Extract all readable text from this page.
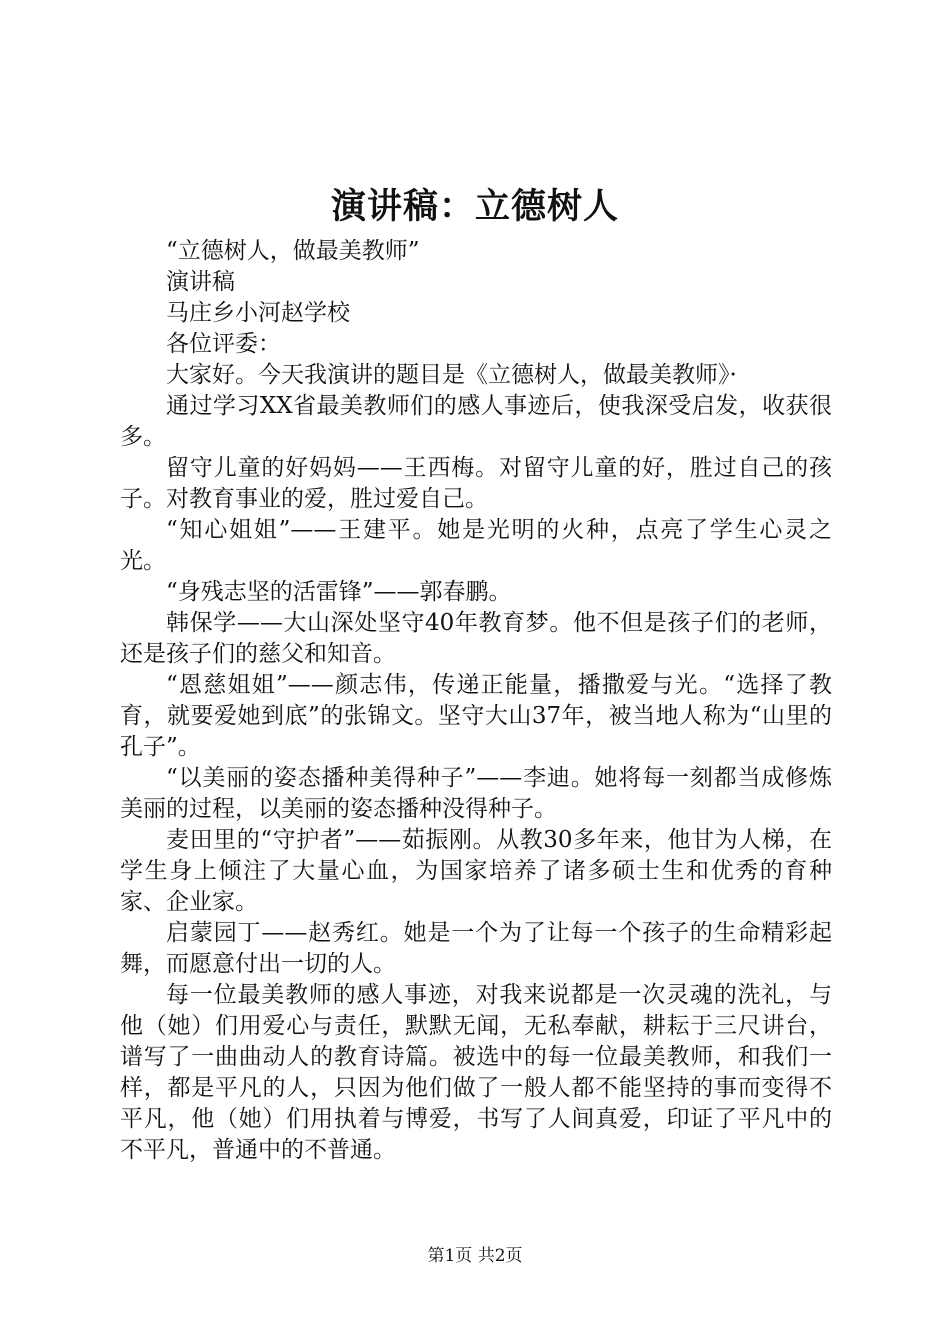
演讲稿：立德树人

“立德树人，做最美教师”

演讲稿

马庄乡小河赵学校

各位评委：

大家好。今天我演讲的题目是《立德树人，做最美教师》·

通过学习XX省最美教师们的感人事迹后，使我深受启发，收获很多。

留守儿童的好妈妈——王西梅。对留守儿童的好，胜过自己的孩子。对教育事业的爱，胜过爱自己。

“知心姐姐”——王建平。她是光明的火种，点亮了学生心灵之光。

“身残志坚的活雷锋”——郭春鹏。

韩保学——大山深处坚守40年教育梦。他不但是孩子们的老师，还是孩子们的慈父和知音。

“恩慈姐姐”——颜志伟，传递正能量，播撒爱与光。“选择了教育，就要爱她到底”的张锦文。坚守大山37年，被当地人称为“山里的孔子”。

“以美丽的姿态播种美得种子”——李迪。她将每一刻都当成修炼美丽的过程，以美丽的姿态播种没得种子。

麦田里的“守护者”——茹振刚。从教30多年来，他甘为人梯，在学生身上倾注了大量心血，为国家培养了诸多硕士生和优秀的育种家、企业家。

启蒙园丁——赵秀红。她是一个为了让每一个孩子的生命精彩起舞，而愿意付出一切的人。

每一位最美教师的感人事迹，对我来说都是一次灵魂的洗礼，与他（她）们用爱心与责任，默默无闻，无私奉献，耕耘于三尺讲台，谱写了一曲曲动人的教育诗篇。被选中的每一位最美教师，和我们一样，都是平凡的人，只因为他们做了一般人都不能坚持的事而变得不平凡，他（她）们用执着与博爱，书写了人间真爱，印证了平凡中的不平凡，普通中的不普通。

第1页 共2页
